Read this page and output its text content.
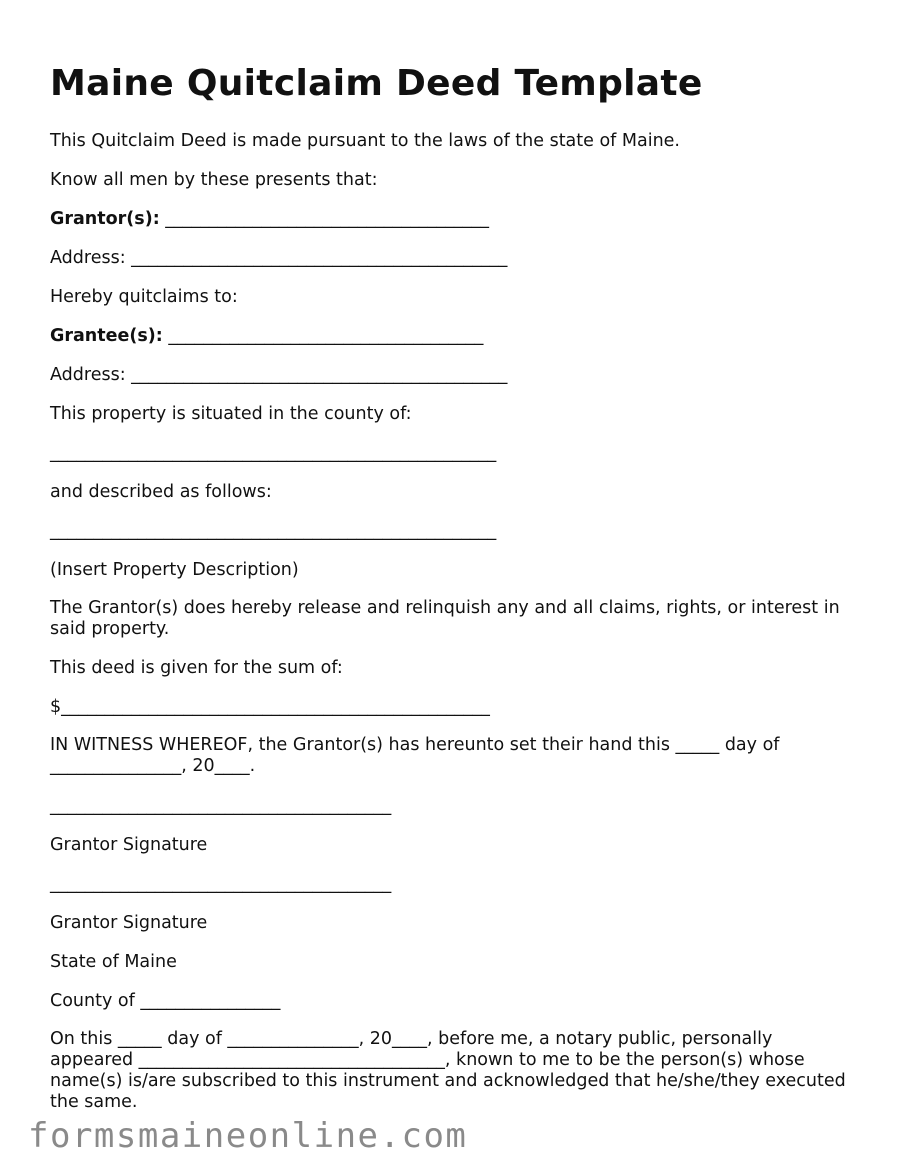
Maine Quitclaim Deed Template
This Quitclaim Deed is made pursuant to the laws of the state of Maine.
Know all men by these presents that:
Grantor(s): _____________________________________
Address: ___________________________________________
Hereby quitclaims to:
Grantee(s): ____________________________________
Address: ___________________________________________
This property is situated in the county of:
___________________________________________________
and described as follows:
___________________________________________________
(Insert Property Description)
The Grantor(s) does hereby release and relinquish any and all claims, rights, or interest in said property.
This deed is given for the sum of:
$_________________________________________________
IN WITNESS WHEREOF, the Grantor(s) has hereunto set their hand this _____ day of _______________, 20____.
_______________________________________
Grantor Signature
_______________________________________
Grantor Signature
State of Maine
County of ________________
On this _____ day of _______________, 20____, before me, a notary public, personally appeared ___________________________________, known to me to be the person(s) whose name(s) is/are subscribed to this instrument and acknowledged that he/she/they executed the same.
formsmaineonline.com
